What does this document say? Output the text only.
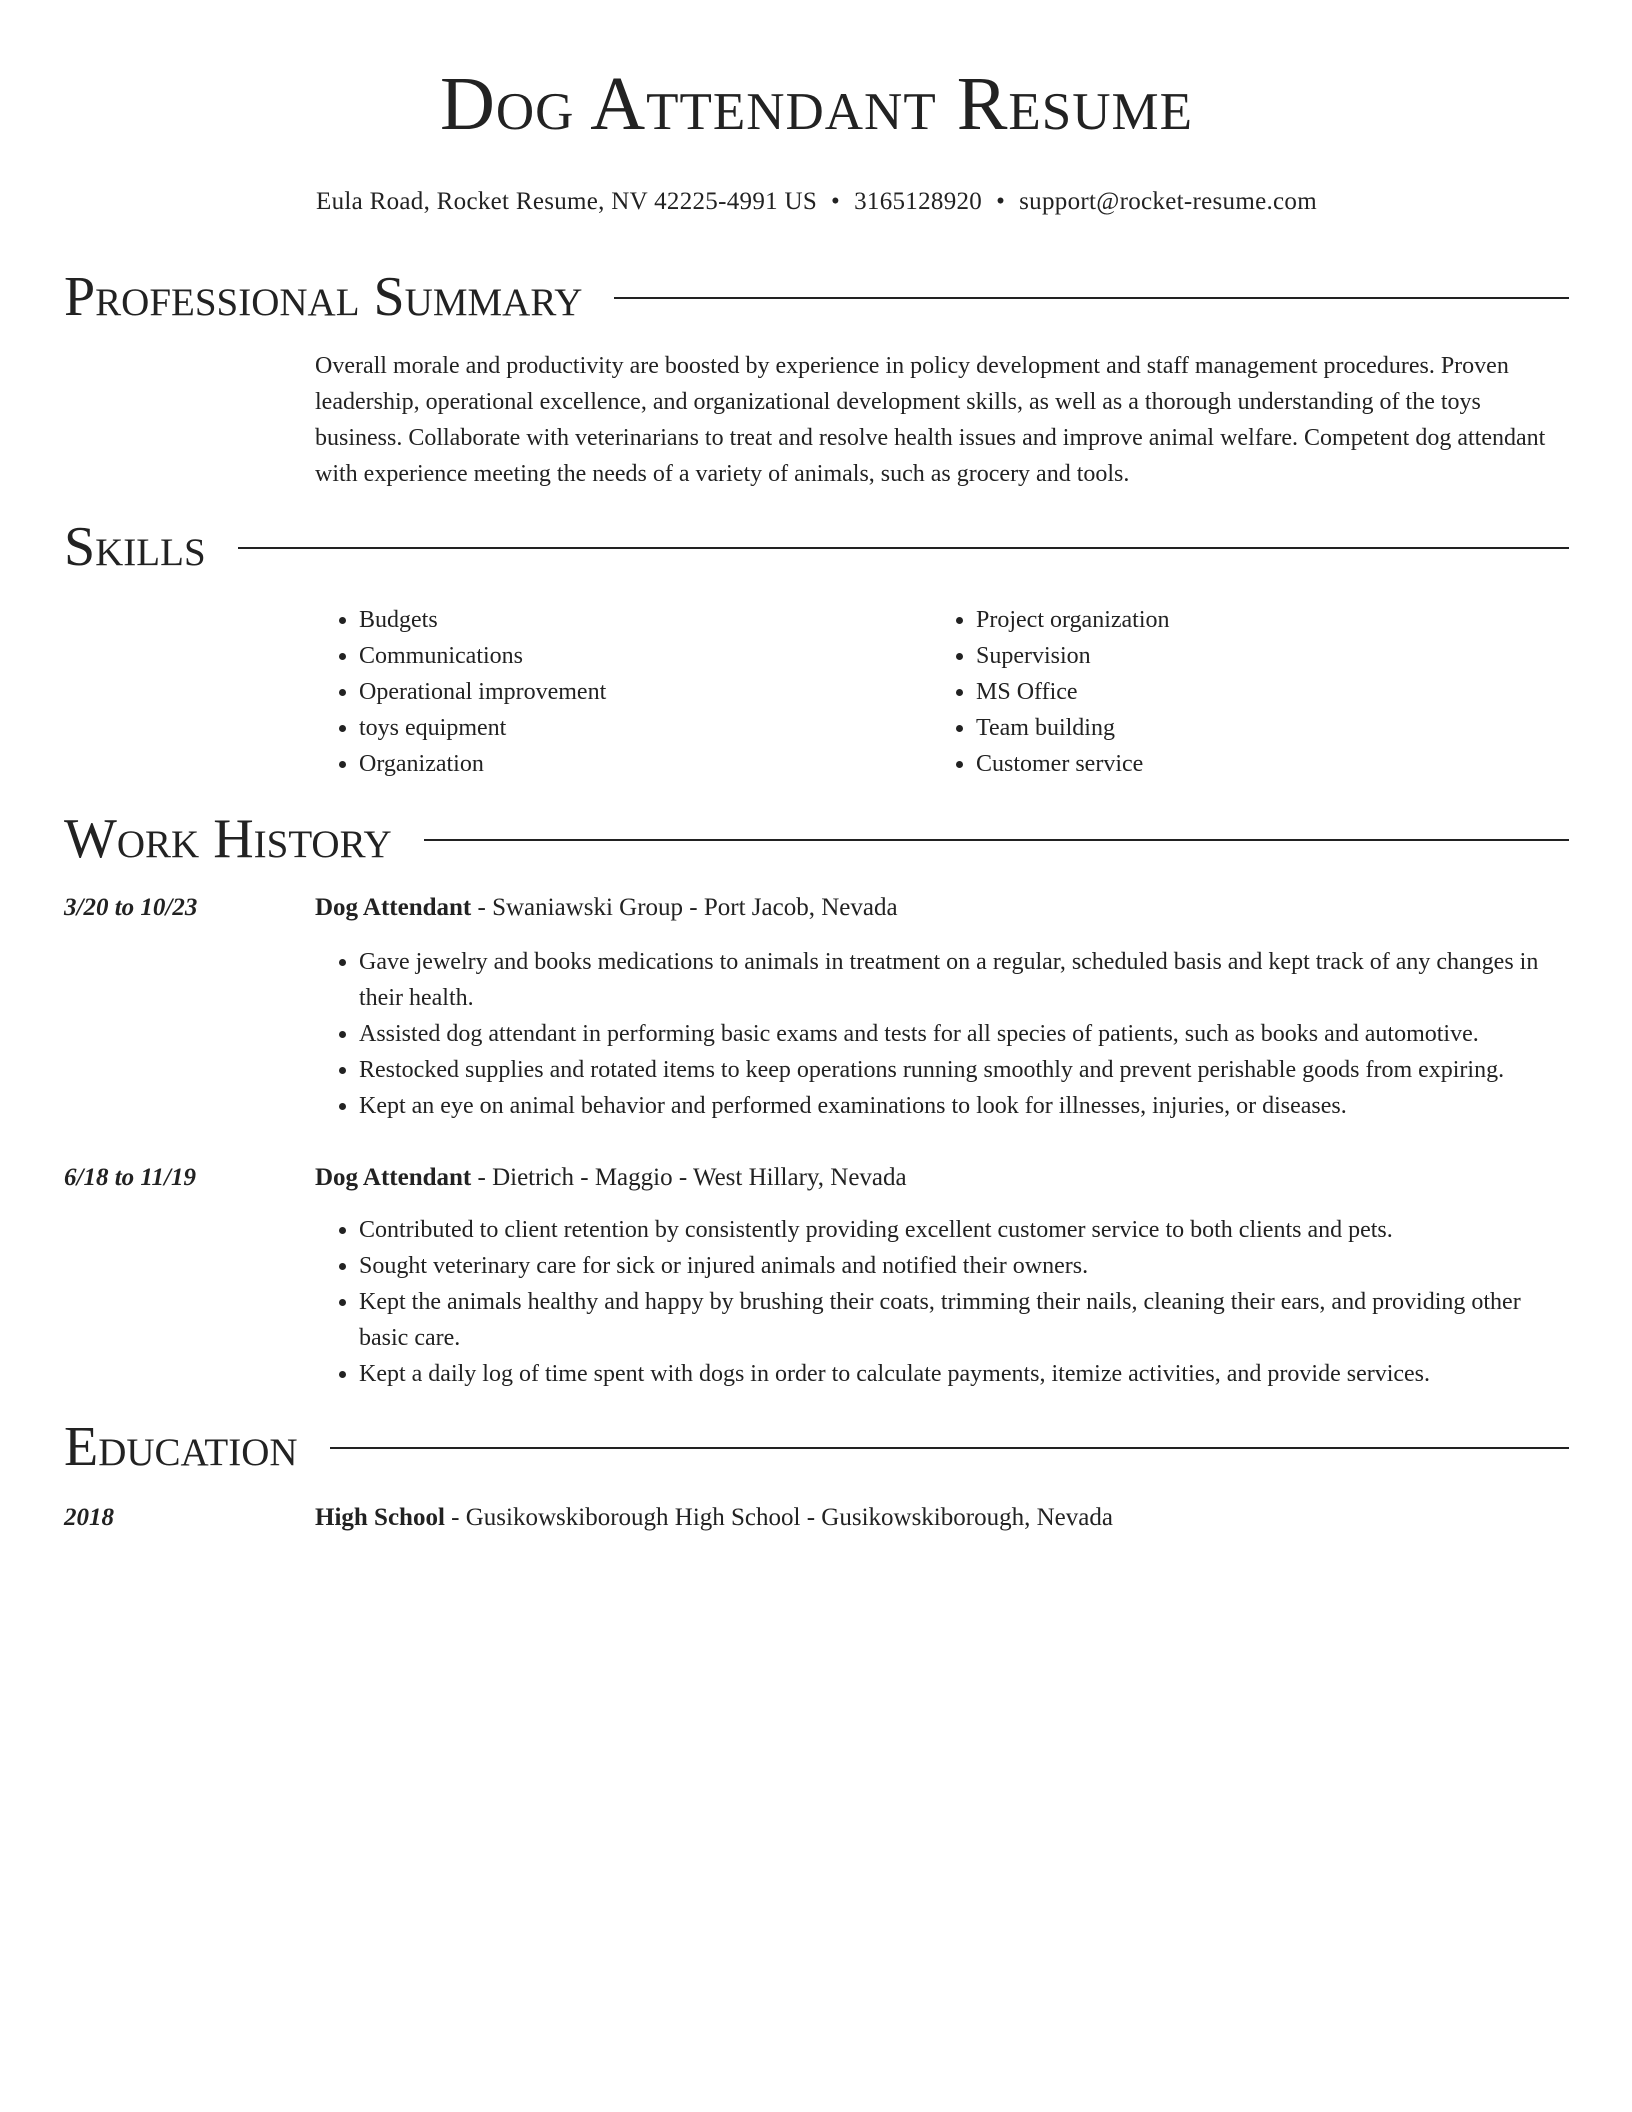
Dog Attendant Resume
Eula Road, Rocket Resume, NV 42225-4991 US • 3165128920 • support@rocket-resume.com
Professional Summary

Overall morale and productivity are boosted by experience in policy development and staff management procedures. Proven leadership, operational excellence, and organizational development skills, as well as a thorough understanding of the toys business. Collaborate with veterinarians to treat and resolve health issues and improve animal welfare. Competent dog attendant with experience meeting the needs of a variety of animals, such as grocery and tools.

Skills
• Budgets
• Communications
• Operational improvement
• toys equipment
• Organization
• Project organization
• Supervision
• MS Office
• Team building
• Customer service
Work History
3/20 to 10/23	Dog Attendant - Swaniawski Group - Port Jacob, Nevada
• Gave jewelry and books medications to animals in treatment on a regular, scheduled basis and kept track of any changes in their health.
• Assisted dog attendant in performing basic exams and tests for all species of patients, such as books and automotive.
• Restocked supplies and rotated items to keep operations running smoothly and prevent perishable goods from expiring.
• Kept an eye on animal behavior and performed examinations to look for illnesses, injuries, or diseases.
6/18 to 11/19	Dog Attendant - Dietrich - Maggio - West Hillary, Nevada
• Contributed to client retention by consistently providing excellent customer service to both clients and pets.
• Sought veterinary care for sick or injured animals and notified their owners.
• Kept the animals healthy and happy by brushing their coats, trimming their nails, cleaning their ears, and providing other basic care.
• Kept a daily log of time spent with dogs in order to calculate payments, itemize activities, and provide services.
Education
2018	High School - Gusikowskiborough High School - Gusikowskiborough, Nevada
